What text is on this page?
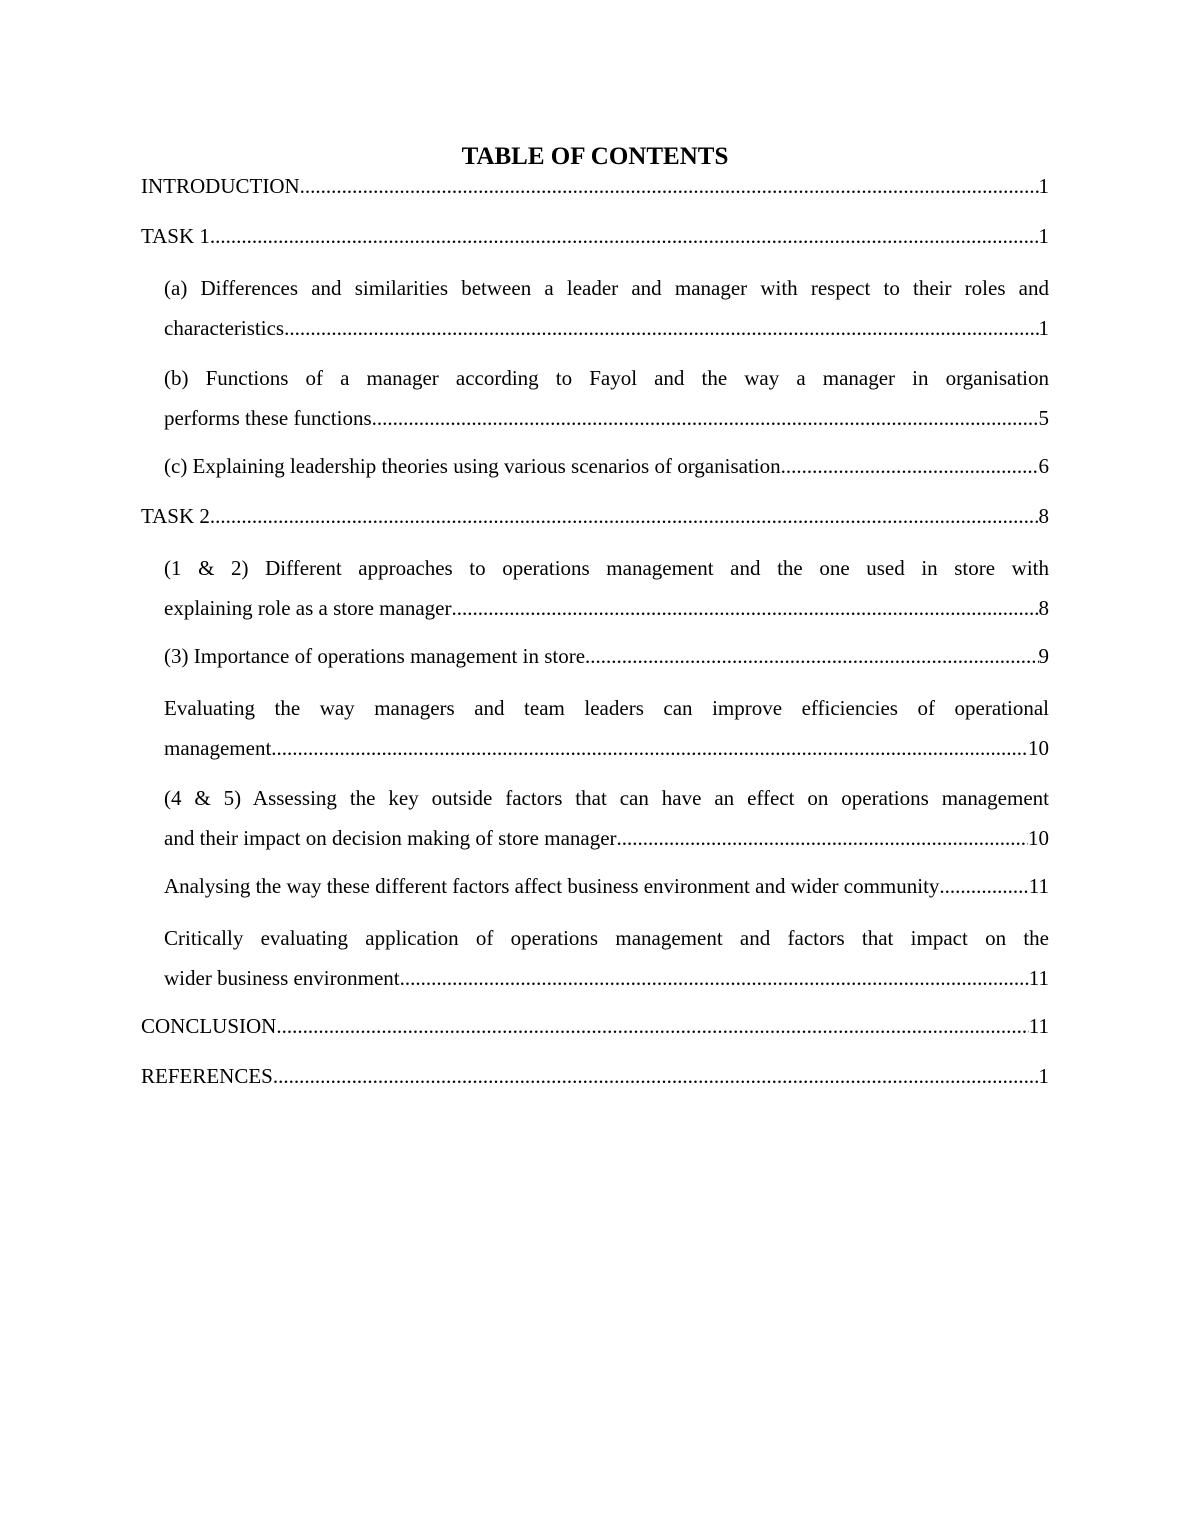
TABLE OF CONTENTS
INTRODUCTION .....	1
TASK 1 .....	1
(a) Differences and similarities between a leader and manager with respect to their roles and
characteristics .....	1
(b) Functions of a manager according to Fayol and the way a manager in organisation
performs these functions .....	5
(c) Explaining leadership theories using various scenarios of organisation .....	6
TASK 2 .....	8
(1 & 2) Different approaches to operations management and the one used in store with
explaining role as a store manager .....	8
(3) Importance of operations management in store .....	9
Evaluating the way managers and team leaders can improve efficiencies of operational
management .....	10
(4 & 5) Assessing the key outside factors that can have an effect on operations management
and their impact on decision making of store manager .....	10
Analysing the way these different factors affect business environment and wider community .....	11
Critically evaluating application of operations management and factors that impact on the
wider business environment .....	11
CONCLUSION .....	11
REFERENCES .....	1
